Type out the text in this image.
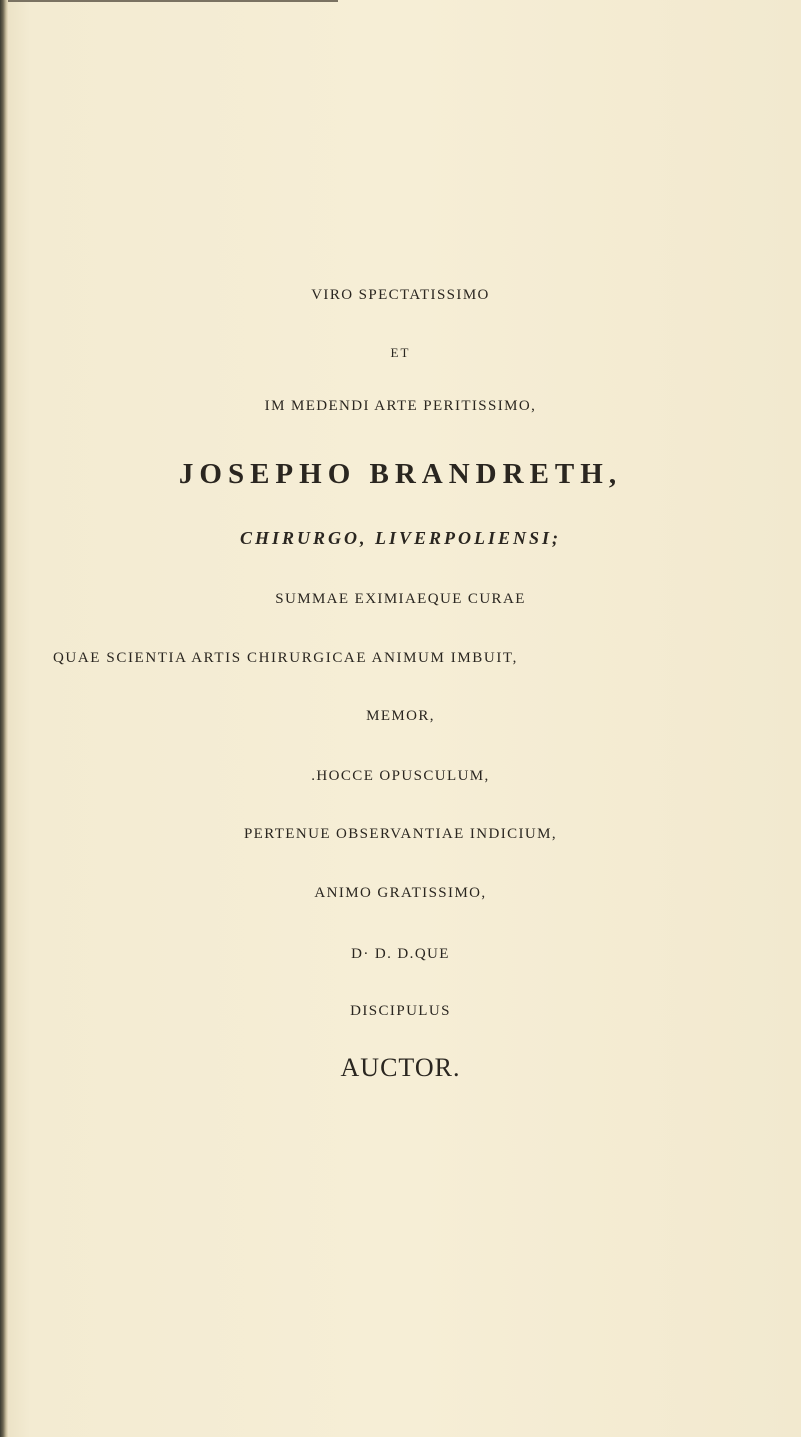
VIRO SPECTATISSIMO
ET
IM MEDENDI ARTE PERITISSIMO,
JOSEPHO BRANDRETH,
CHIRURGO, LIVERPOLIENSI;
SUMMAE EXIMIAEQUE CURAE
QUAE SCIENTIA ARTIS CHIRURGICAE ANIMUM IMBUIT,
MEMOR,
.HOCCE OPUSCULUM,
PERTENUE OBSERVANTIAE INDICIUM,
ANIMO GRATISSIMO,
D· D. D.QUE
DISCIPULUS
AUCTOR.
